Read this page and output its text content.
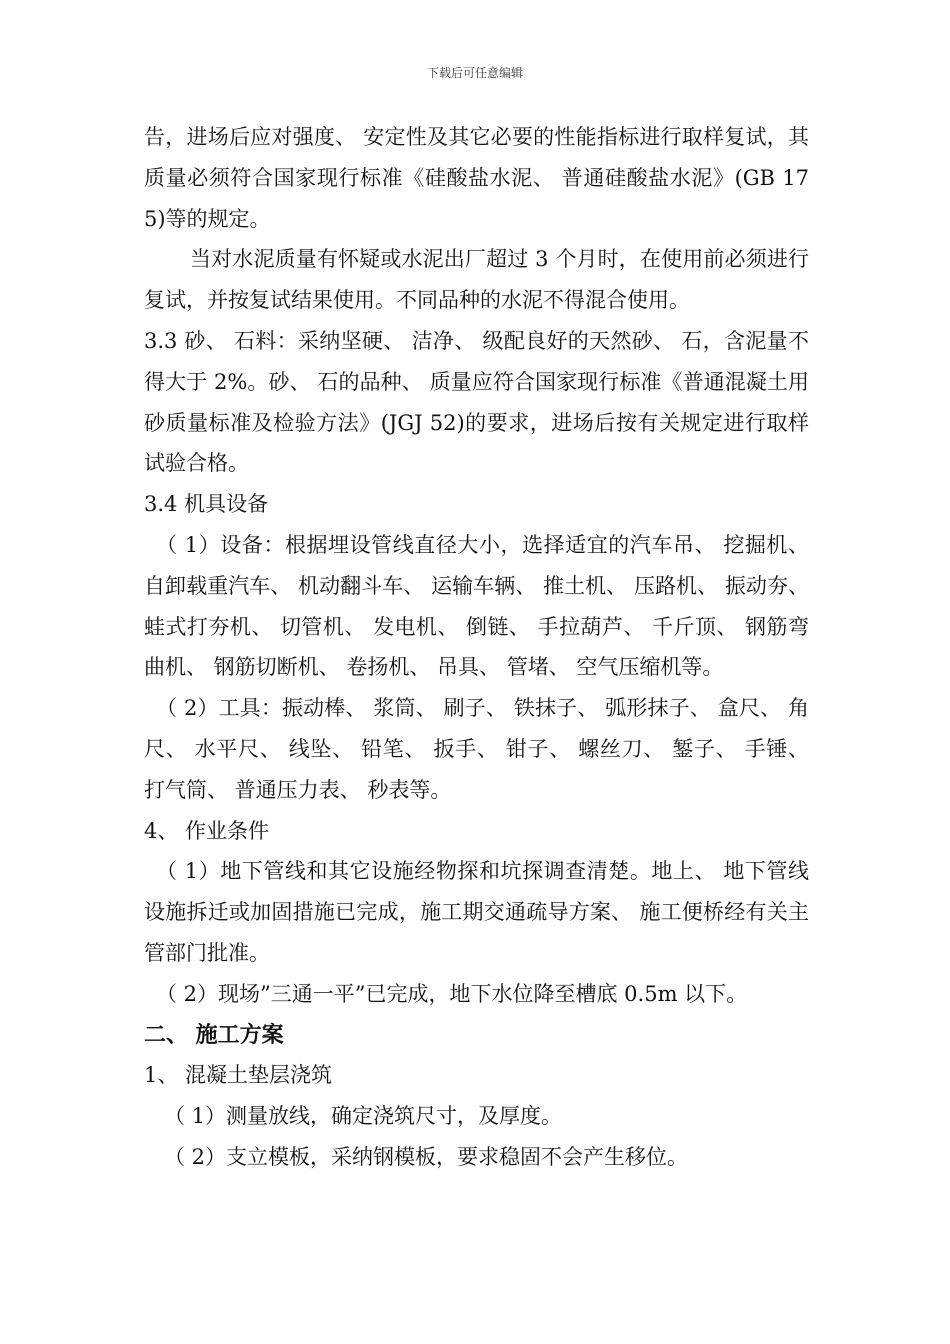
下载后可任意编辑

告，进场后应对强度、 安定性及其它必要的性能指标进行取样复试，其质量必须符合国家现行标准《硅酸盐水泥、 普通硅酸盐水泥》(GB 175)等的规定。

当对水泥质量有怀疑或水泥出厂超过 3 个月时，在使用前必须进行复试，并按复试结果使用。不同品种的水泥不得混合使用。

3.3 砂、 石料：采纳坚硬、 洁净、 级配良好的天然砂、 石，含泥量不得大于 2%。砂、 石的品种、 质量应符合国家现行标准《普通混凝土用砂质量标准及检验方法》(JGJ 52)的要求，进场后按有关规定进行取样试验合格。

3.4 机具设备

（ 1）设备：根据埋设管线直径大小，选择适宜的汽车吊、 挖掘机、 自卸载重汽车、 机动翻斗车、 运输车辆、 推土机、 压路机、 振动夯、 蛙式打夯机、 切管机、 发电机、 倒链、 手拉葫芦、 千斤顶、 钢筋弯曲机、 钢筋切断机、 卷扬机、 吊具、 管堵、 空气压缩机等。

（ 2）工具：振动棒、 浆筒、 刷子、 铁抹子、 弧形抹子、 盒尺、 角尺、 水平尺、 线坠、 铅笔、 扳手、 钳子、 螺丝刀、 錾子、 手锤、 打气筒、 普通压力表、 秒表等。

4、 作业条件

（ 1）地下管线和其它设施经物探和坑探调查清楚。地上、 地下管线设施拆迁或加固措施已完成，施工期交通疏导方案、 施工便桥经有关主管部门批准。

（ 2）现场”三通一平”已完成，地下水位降至槽底 0.5m 以下。

二、 施工方案

1、 混凝土垫层浇筑

（ 1）测量放线，确定浇筑尺寸，及厚度。

（ 2）支立模板，采纳钢模板，要求稳固不会产生移位。
